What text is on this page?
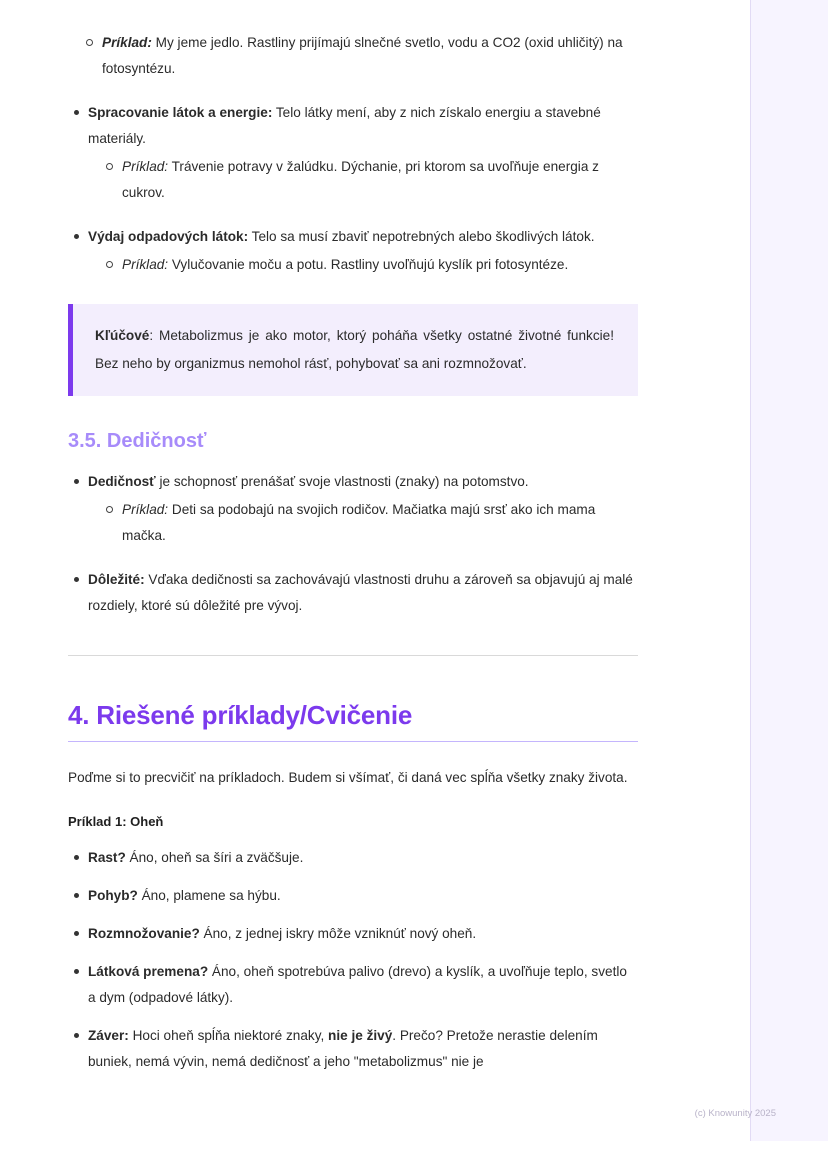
Príklad: My jeme jedlo. Rastliny prijímajú slnečné svetlo, vodu a CO2 (oxid uhličitý) na fotosyntézu.
Spracovanie látok a energie: Telo látky mení, aby z nich získalo energiu a stavebné materiály.
Príklad: Trávenie potravy v žalúdku. Dýchanie, pri ktorom sa uvoľňuje energia z cukrov.
Výdaj odpadových látok: Telo sa musí zbaviť nepotrebných alebo škodlivých látok.
Príklad: Vylučovanie moču a potu. Rastliny uvoľňujú kyslík pri fotosyntéze.
Kľúčové: Metabolizmus je ako motor, ktorý poháňa všetky ostatné životné funkcie! Bez neho by organizmus nemohol rásť, pohybovať sa ani rozmnožovať.
3.5. Dedičnosť
Dedičnosť je schopnosť prenášať svoje vlastnosti (znaky) na potomstvo.
Príklad: Deti sa podobajú na svojich rodičov. Mačiatka majú srsť ako ich mama mačka.
Dôležité: Vďaka dedičnosti sa zachovávajú vlastnosti druhu a zároveň sa objavujú aj malé rozdiely, ktoré sú dôležité pre vývoj.
4. Riešené príklady/Cvičenie

Poďme si to precvičiť na príkladoch. Budem si všímať, či daná vec spĺňa všetky znaky života.

Príklad 1: Oheň

Rast? Áno, oheň sa šíri a zväčšuje.
Pohyb? Áno, plamene sa hýbu.
Rozmnožovanie? Áno, z jednej iskry môže vzniknúť nový oheň.
Látková premena? Áno, oheň spotrebúva palivo (drevo) a kyslík, a uvoľňuje teplo, svetlo a dym (odpadové látky).
Záver: Hoci oheň spĺňa niektoré znaky, nie je živý. Prečo? Pretože nerastie delením buniek, nemá vývin, nemá dedičnosť a jeho "metabolizmus" nie je
(c) Knowunity 2025
